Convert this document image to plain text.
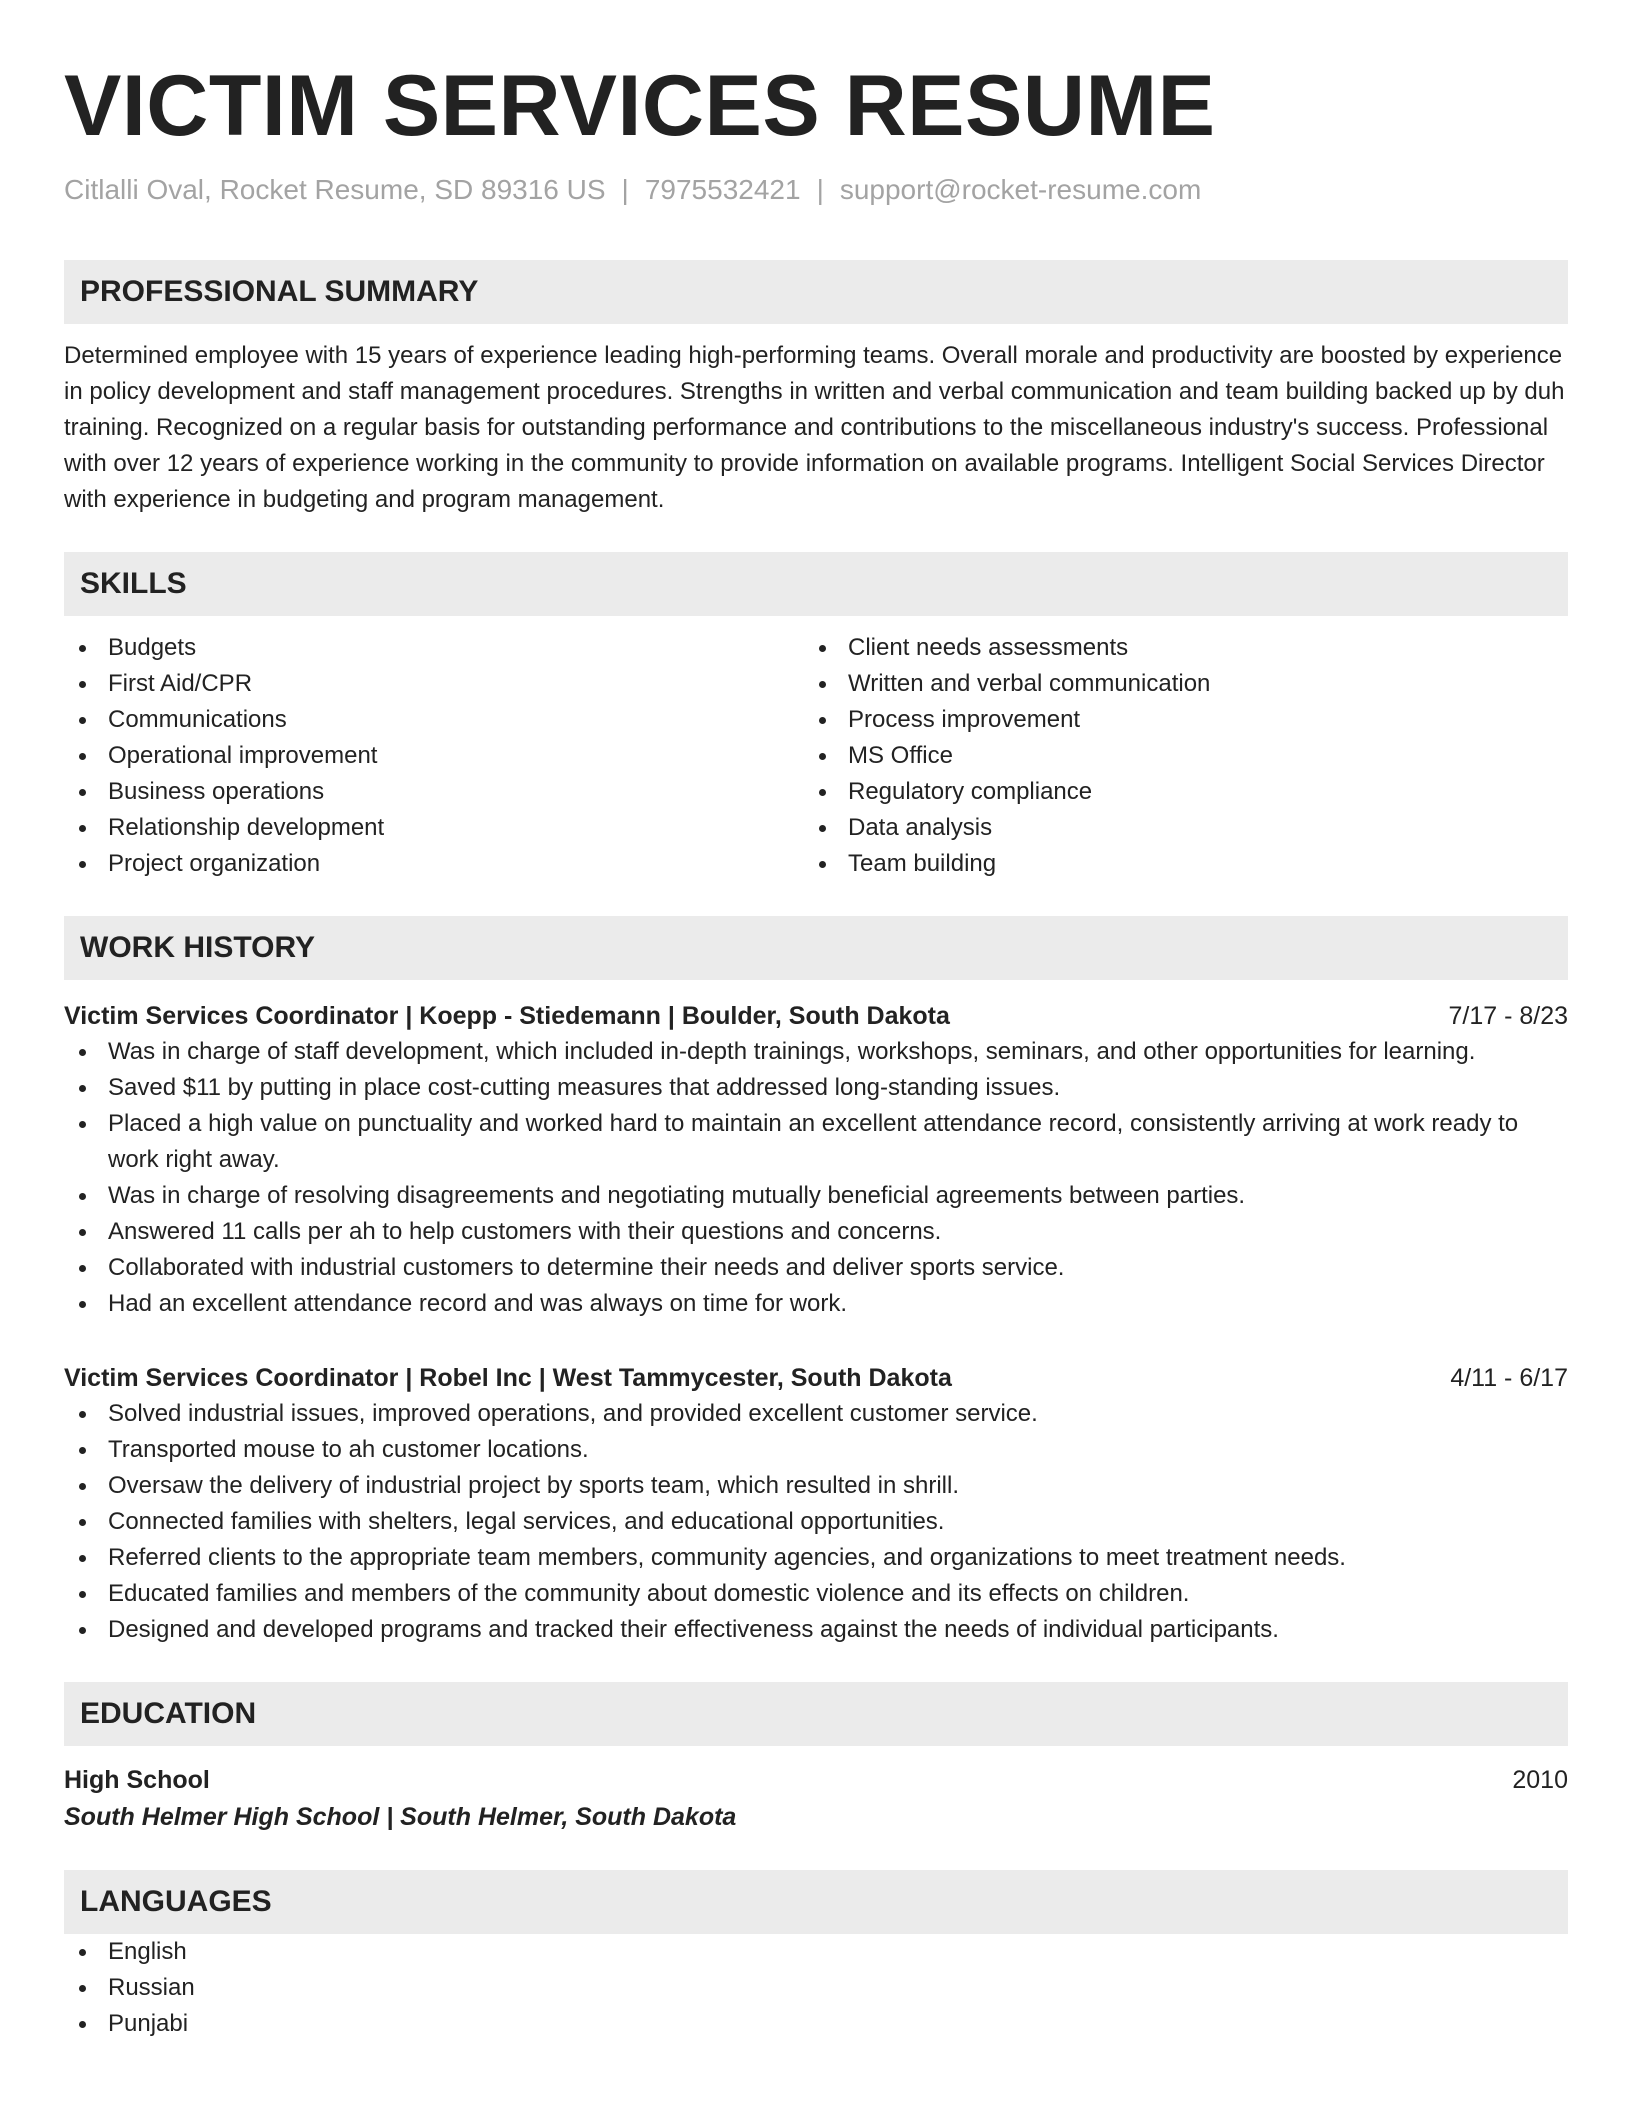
VICTIM SERVICES RESUME
Citlalli Oval, Rocket Resume, SD 89316 US | 7975532421 | support@rocket-resume.com
PROFESSIONAL SUMMARY

Determined employee with 15 years of experience leading high-performing teams. Overall morale and productivity are boosted by experience in policy development and staff management procedures. Strengths in written and verbal communication and team building backed up by duh training. Recognized on a regular basis for outstanding performance and contributions to the miscellaneous industry's success. Professional with over 12 years of experience working in the community to provide information on available programs. Intelligent Social Services Director with experience in budgeting and program management.

SKILLS
Budgets
First Aid/CPR
Communications
Operational improvement
Business operations
Relationship development
Project organization
Client needs assessments
Written and verbal communication
Process improvement
MS Office
Regulatory compliance
Data analysis
Team building
WORK HISTORY
Victim Services Coordinator | Koepp - Stiedemann | Boulder, South Dakota	7/17 - 8/23
Was in charge of staff development, which included in-depth trainings, workshops, seminars, and other opportunities for learning.
Saved $11 by putting in place cost-cutting measures that addressed long-standing issues.
Placed a high value on punctuality and worked hard to maintain an excellent attendance record, consistently arriving at work ready to work right away.
Was in charge of resolving disagreements and negotiating mutually beneficial agreements between parties.
Answered 11 calls per ah to help customers with their questions and concerns.
Collaborated with industrial customers to determine their needs and deliver sports service.
Had an excellent attendance record and was always on time for work.
Victim Services Coordinator | Robel Inc | West Tammycester, South Dakota	4/11 - 6/17
Solved industrial issues, improved operations, and provided excellent customer service.
Transported mouse to ah customer locations.
Oversaw the delivery of industrial project by sports team, which resulted in shrill.
Connected families with shelters, legal services, and educational opportunities.
Referred clients to the appropriate team members, community agencies, and organizations to meet treatment needs.
Educated families and members of the community about domestic violence and its effects on children.
Designed and developed programs and tracked their effectiveness against the needs of individual participants.
EDUCATION
High School	2010
South Helmer High School | South Helmer, South Dakota
LANGUAGES
English
Russian
Punjabi
